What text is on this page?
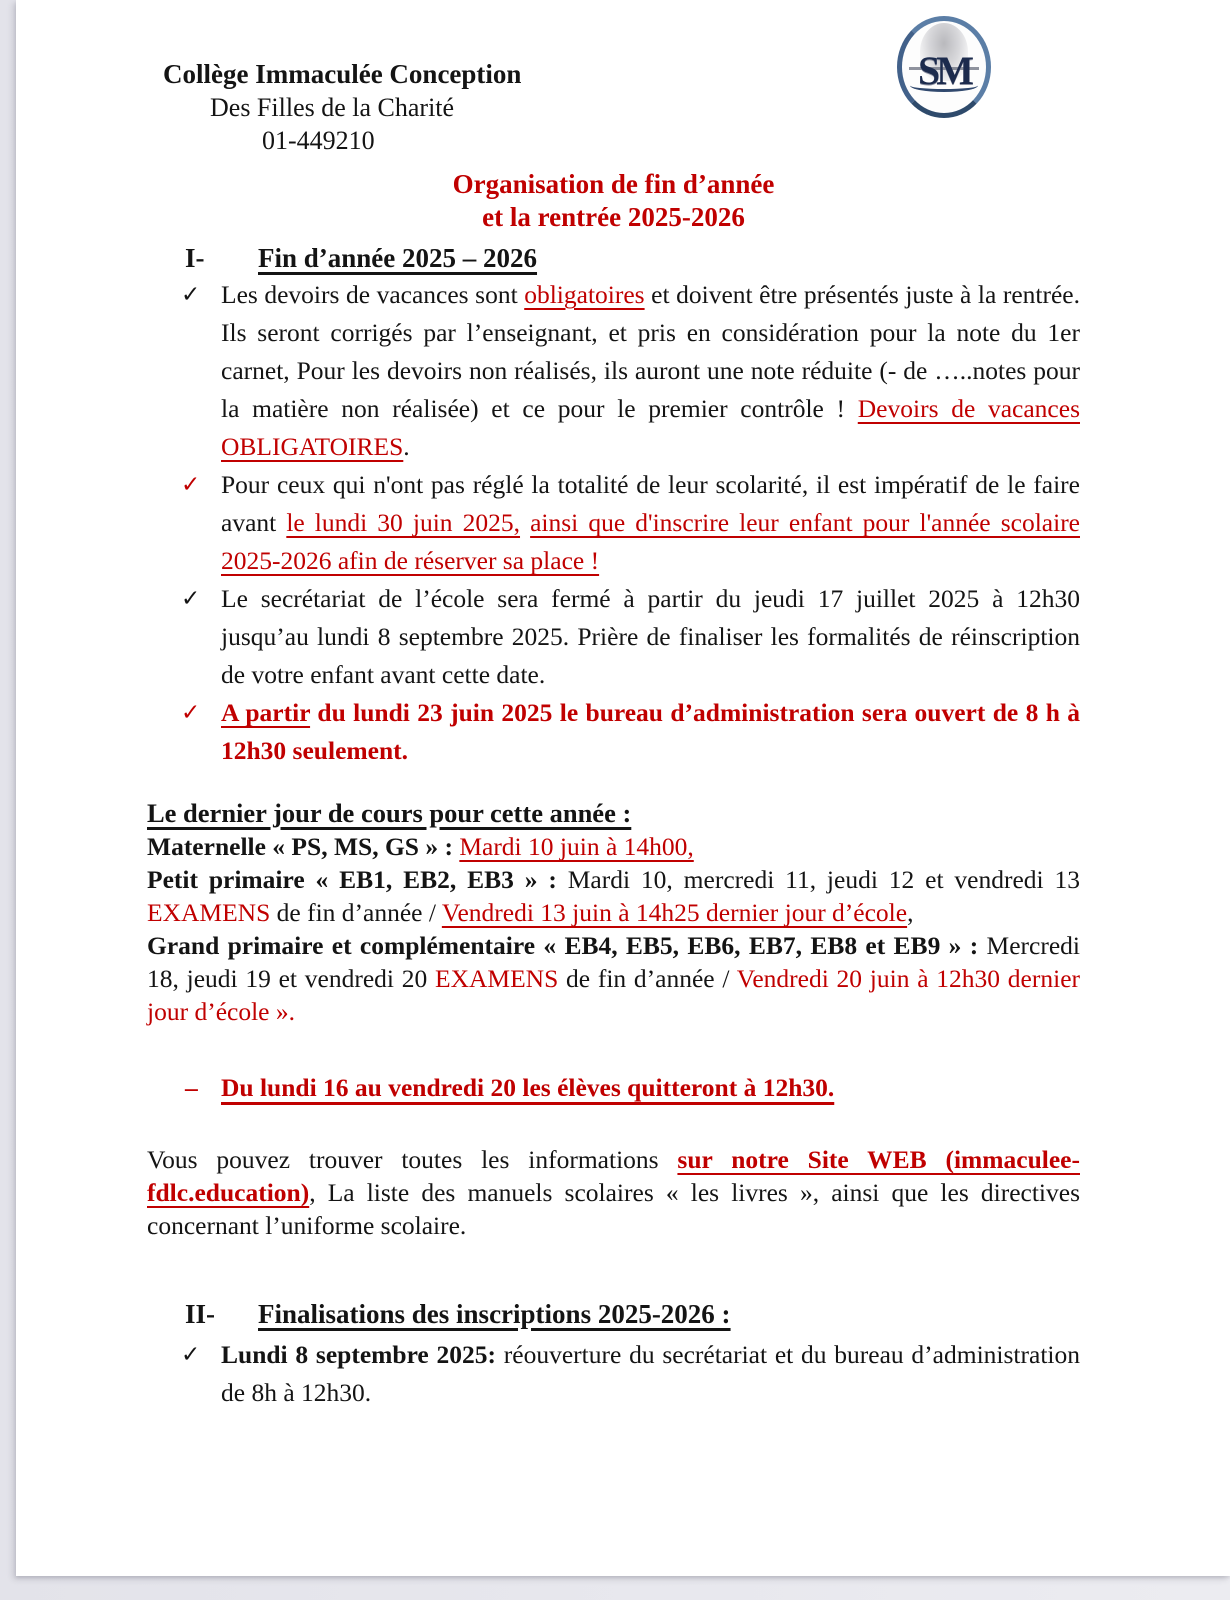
SM
Collège Immaculée Conception
Des Filles de la Charité
01-449210
Organisation de fin d’année
et la rentrée 2025-2026
I-	Fin d’année 2025 – 2026
✓ Les devoirs de vacances sont obligatoires et doivent être présentés juste à la rentrée. Ils seront corrigés par l’enseignant, et pris en considération pour la note du 1er carnet, Pour les devoirs non réalisés, ils auront une note réduite (- de …..notes pour la matière non réalisée) et ce pour le premier contrôle ! Devoirs de vacances OBLIGATOIRES.
✓ Pour ceux qui n'ont pas réglé la totalité de leur scolarité, il est impératif de le faire avant le lundi 30 juin 2025, ainsi que d'inscrire leur enfant pour l'année scolaire 2025-2026 afin de réserver sa place !
✓ Le secrétariat de l’école sera fermé à partir du jeudi 17 juillet 2025 à 12h30 jusqu’au lundi 8 septembre 2025. Prière de finaliser les formalités de réinscription de votre enfant avant cette date.
✓ A partir du lundi 23 juin 2025 le bureau d’administration sera ouvert de 8 h à 12h30 seulement.
Le dernier jour de cours pour cette année :
Maternelle « PS, MS, GS » : Mardi 10 juin à 14h00,
Petit primaire « EB1, EB2, EB3 » : Mardi 10, mercredi 11, jeudi 12 et vendredi 13 EXAMENS de fin d’année / Vendredi 13 juin à 14h25 dernier jour d’école,
Grand primaire et complémentaire « EB4, EB5, EB6, EB7, EB8 et EB9 » : Mercredi 18, jeudi 19 et vendredi 20 EXAMENS de fin d’année / Vendredi 20 juin à 12h30 dernier jour d’école ».
– Du lundi 16 au vendredi 20 les élèves quitteront à 12h30.
Vous pouvez trouver toutes les informations sur notre Site WEB (immaculee-fdlc.education), La liste des manuels scolaires « les livres », ainsi que les directives concernant l’uniforme scolaire.
II-	Finalisations des inscriptions 2025-2026 :
✓ Lundi 8 septembre 2025: réouverture du secrétariat et du bureau d’administration de 8h à 12h30.
